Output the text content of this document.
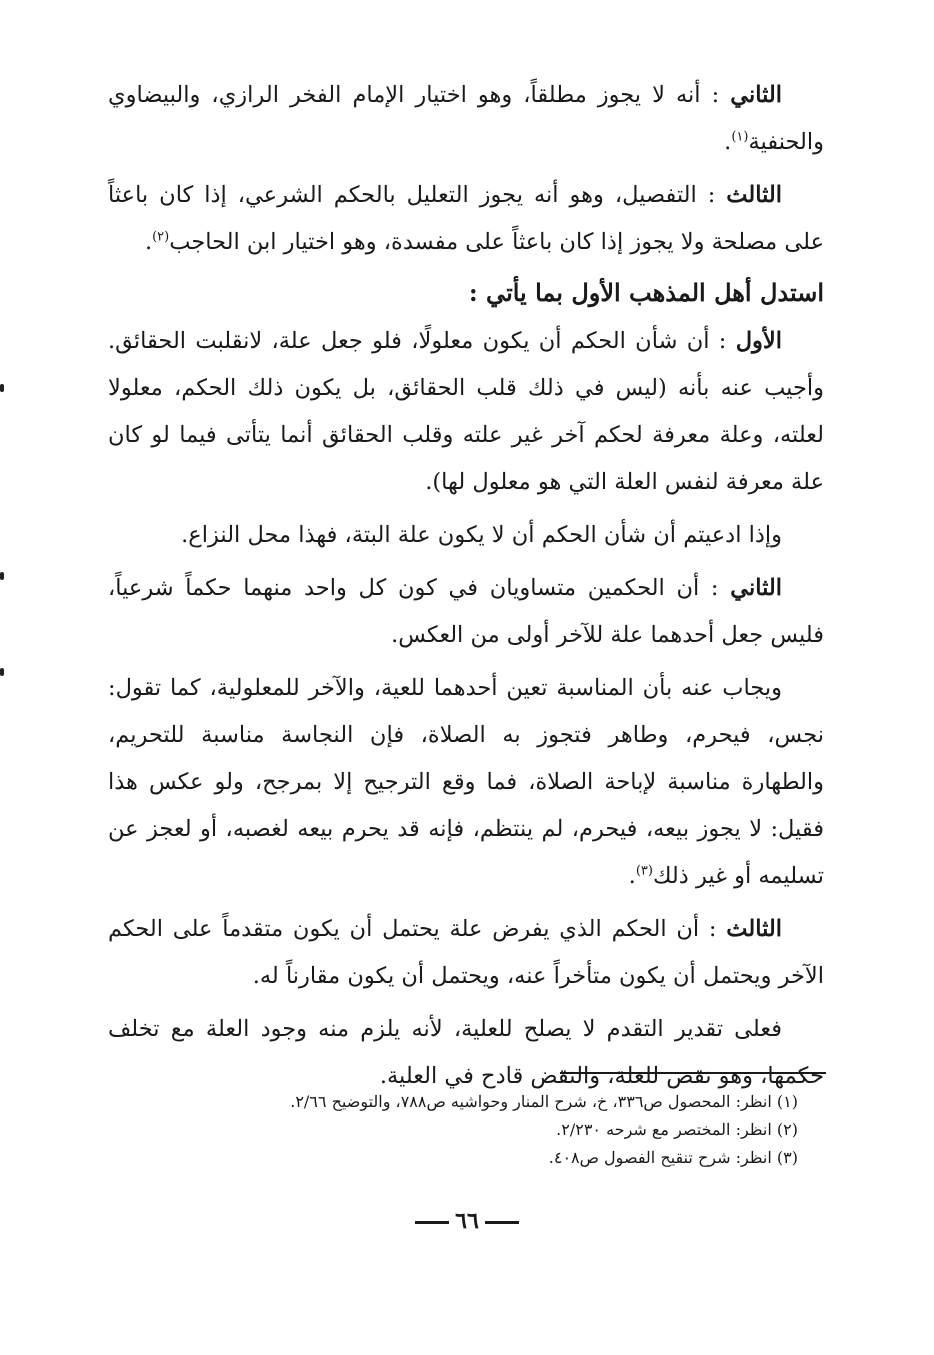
الثاني : أنه لا يجوز مطلقاً، وهو اختيار الإمام الفخر الرازي، والبيضاوي والحنفية$^{(١)}$.

الثالث : التفصيل، وهو أنه يجوز التعليل بالحكم الشرعي، إذا كان باعثاً على مصلحة ولا يجوز إذا كان باعثاً على مفسدة، وهو اختيار ابن الحاجب$^{(٢)}$.

استدل أهل المذهب الأول بما يأتي :

الأول : أن شأن الحكم أن يكون معلولًا، فلو جعل علة، لانقلبت الحقائق. وأجيب عنه بأنه (ليس في ذلك قلب الحقائق، بل يكون ذلك الحكم، معلولا لعلته، وعلة معرفة لحكم آخر غير علته وقلب الحقائق أنما يتأتى فيما لو كان علة معرفة لنفس العلة التي هو معلول لها).

وإذا ادعيتم أن شأن الحكم أن لا يكون علة البتة، فهذا محل النزاع.

الثاني : أن الحكمين متساويان في كون كل واحد منهما حكماً شرعياً، فليس جعل أحدهما علة للآخر أولى من العكس.

ويجاب عنه بأن المناسبة تعين أحدهما للعية، والآخر للمعلولية، كما تقول: نجس، فيحرم، وطاهر فتجوز به الصلاة، فإن النجاسة مناسبة للتحريم، والطهارة مناسبة لإباحة الصلاة، فما وقع الترجيح إلا بمرجح، ولو عكس هذا فقيل: لا يجوز بيعه، فيحرم، لم ينتظم، فإنه قد يحرم بيعه لغصبه، أو لعجز عن تسليمه أو غير ذلك$^{(٣)}$.

الثالث : أن الحكم الذي يفرض علة يحتمل أن يكون متقدماً على الحكم الآخر ويحتمل أن يكون متأخراً عنه، ويحتمل أن يكون مقارناً له.

فعلى تقدير التقدم لا يصلح للعلية، لأنه يلزم منه وجود العلة مع تخلف حكمها، وهو نقض للعلة، والنقض قادح في العلية.

(١) انظر: المحصول ص٣٣٦، خ، شرح المنار وحواشيه ص٧٨٨، والتوضيح ٢/٦٦.
(٢) انظر: المختصر مع شرحه ٢/٢٣٠.
(٣) انظر: شرح تنقيح الفصول ص٤٠٨.
٦٦
